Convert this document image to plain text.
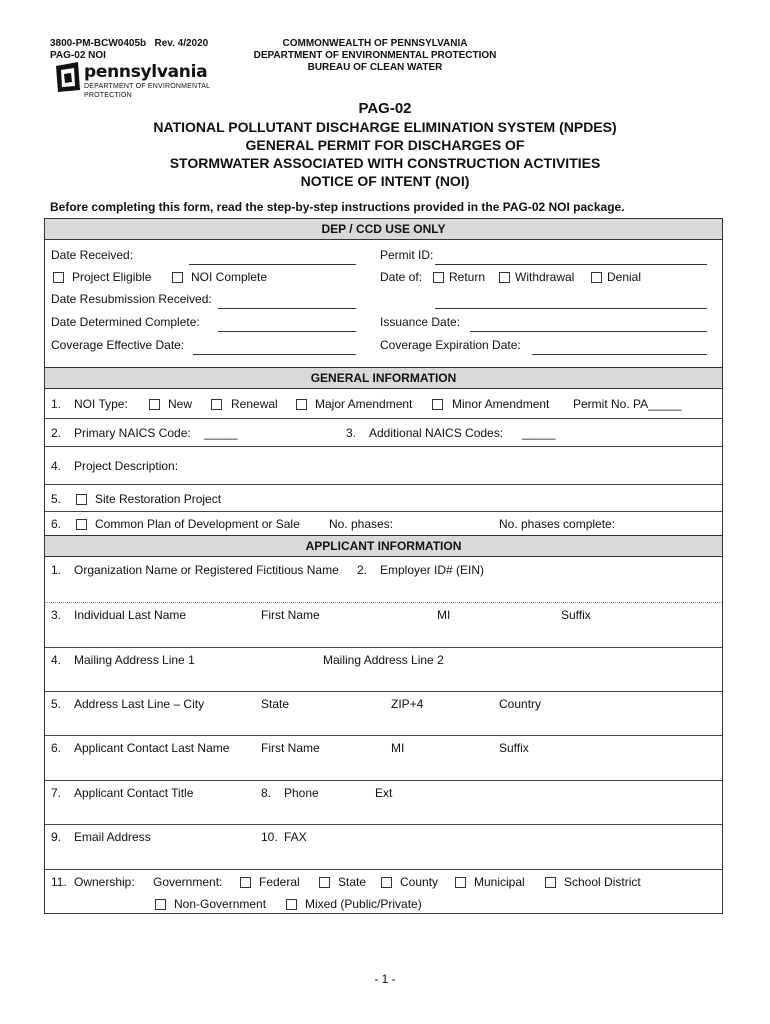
3800-PM-BCW0405b   Rev. 4/2020
PAG-02 NOI
COMMONWEALTH OF PENNSYLVANIA
DEPARTMENT OF ENVIRONMENTAL PROTECTION
BUREAU OF CLEAN WATER
pennsylvania
DEPARTMENT OF ENVIRONMENTAL
PROTECTION
PAG-02
NATIONAL POLLUTANT DISCHARGE ELIMINATION SYSTEM (NPDES)
GENERAL PERMIT FOR DISCHARGES OF
STORMWATER ASSOCIATED WITH CONSTRUCTION ACTIVITIES
NOTICE OF INTENT (NOI)
Before completing this form, read the step-by-step instructions provided in the PAG-02 NOI package.
DEP / CCD USE ONLY
Date Received:	Permit ID:
Project Eligible	NOI Complete	Date of: Return Withdrawal	Denial
Date Resubmission Received:
Date Determined Complete:	Issuance Date:
Coverage Effective Date:	Coverage Expiration Date:
GENERAL INFORMATION
1. NOI Type:	New	Renewal	Major Amendment	Minor Amendment Permit No. PA_____
2. Primary NAICS Code: _____	3. Additional NAICS Codes: _____
4. Project Description:
5.	Site Restoration Project
6.	Common Plan of Development or Sale No. phases:	No. phases complete:
APPLICANT INFORMATION
1. Organization Name or Registered Fictitious Name 2. Employer ID# (EIN)
3. Individual Last Name	First Name	MI	Suffix
4. Mailing Address Line 1	Mailing Address Line 2
5. Address Last Line – City	State	ZIP+4	Country
6. Applicant Contact Last Name	First Name	MI	Suffix
7. Applicant Contact Title	8. Phone	Ext
9. Email Address	10. FAX
11. Ownership: Government:	Federal	State	County	Municipal	School District
Non-Government	Mixed (Public/Private)
- 1 -
